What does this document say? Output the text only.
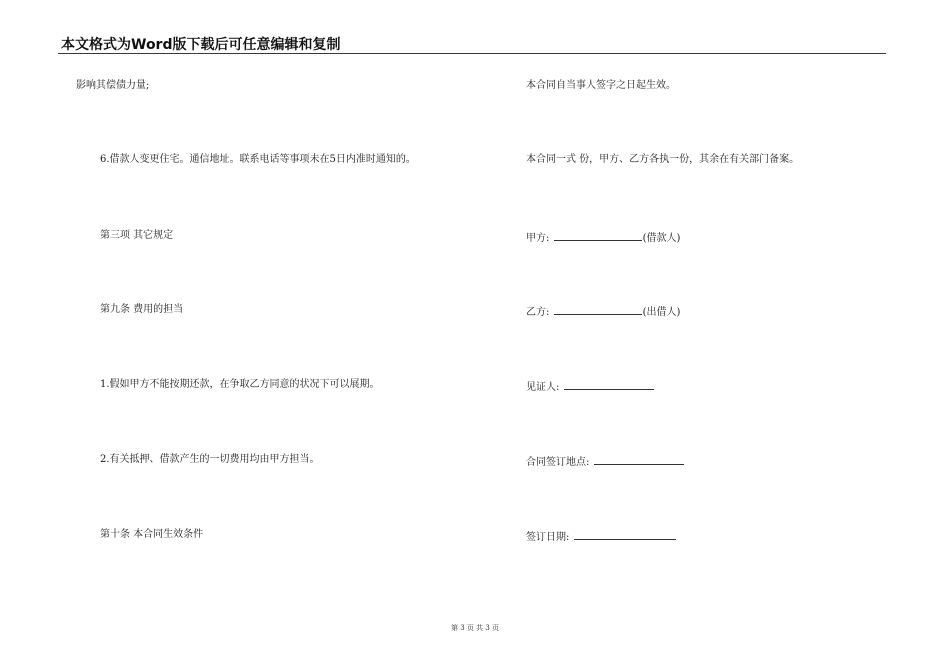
本文格式为Word版下载后可任意编辑和复制
影响其偿债力量;
6.借款人变更住宅。通信地址。联系电话等事项未在5日内准时通知的。
第三项 其它规定
第九条 费用的担当
1.假如甲方不能按期还款，在争取乙方同意的状况下可以展期。
2.有关抵押、借款产生的一切费用均由甲方担当。
第十条 本合同生效条件
本合同自当事人签字之日起生效。
本合同一式 份，甲方、乙方各执一份，其余在有关部门备案。
甲方:	(借款人)
乙方:	(出借人)
见证人:
合同签订地点:
签订日期:
第 3 页 共 3 页
